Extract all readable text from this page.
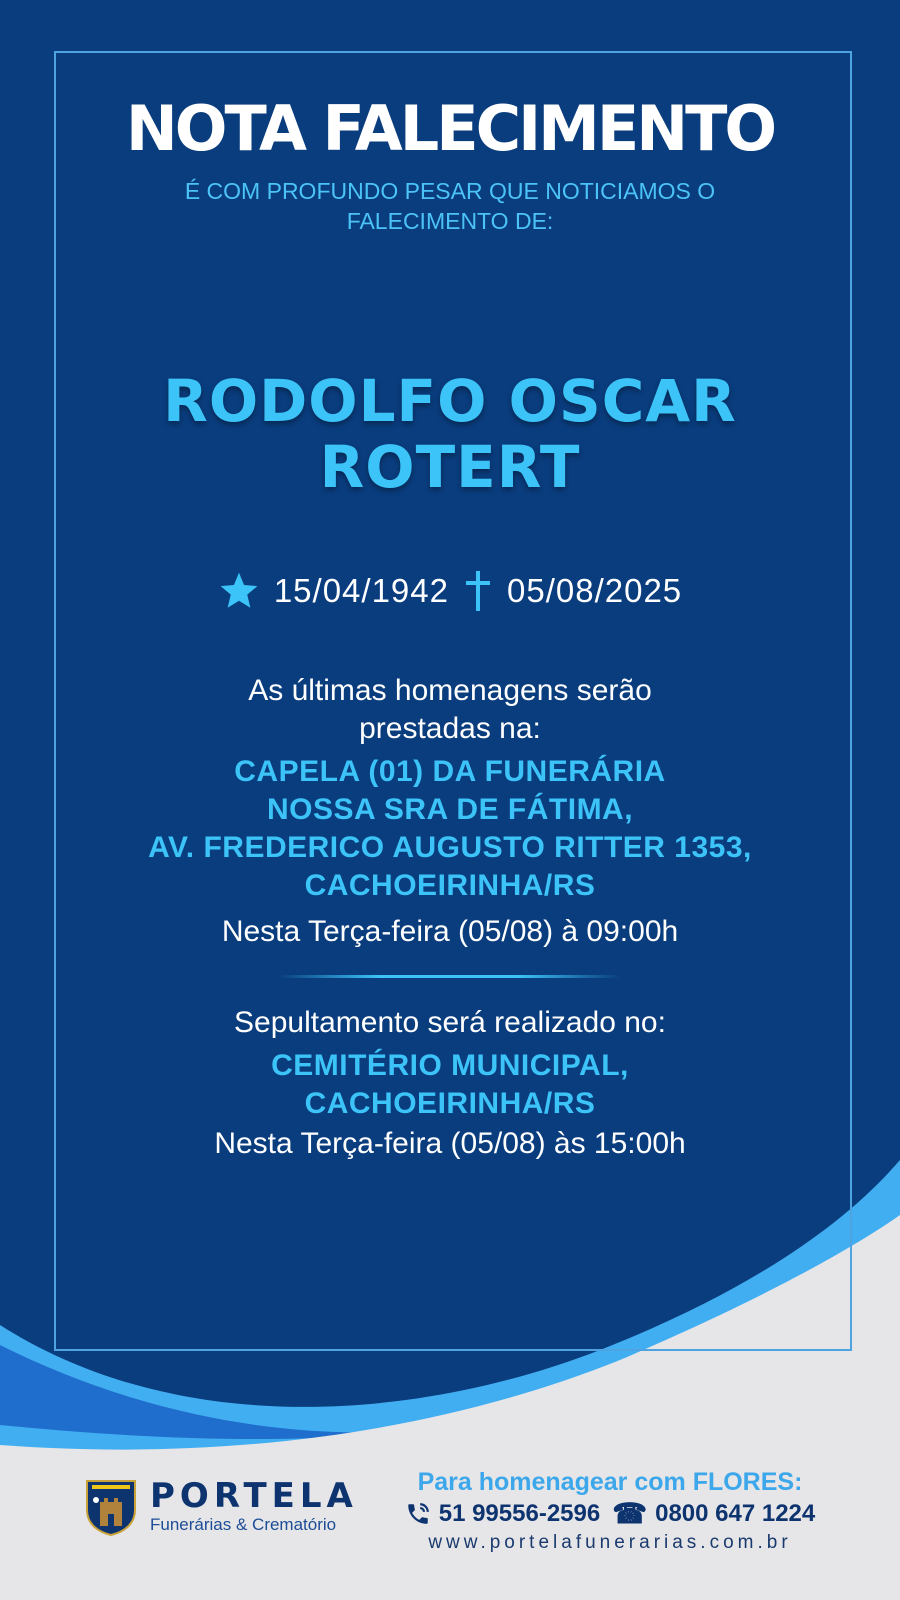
NOTA FALECIMENTO
É COM PROFUNDO PESAR QUE NOTICIAMOS O
FALECIMENTO DE:
RODOLFO OSCAR
ROTERT
15/04/1942 05/08/2025
As últimas homenagens serão
prestadas na:
CAPELA (01) DA FUNERÁRIA
NOSSA SRA DE FÁTIMA,
AV. FREDERICO AUGUSTO RITTER 1353,
CACHOEIRINHA/RS
Nesta Terça-feira (05/08) à 09:00h
Sepultamento será realizado no:
CEMITÉRIO MUNICIPAL,
CACHOEIRINHA/RS
Nesta Terça-feira (05/08) às 15:00h
PORTELA
Funerárias & Crematório
Para homenagear com FLORES:
51 99556-2596 ☎ 0800 647 1224
www.portelafunerarias.com.br
